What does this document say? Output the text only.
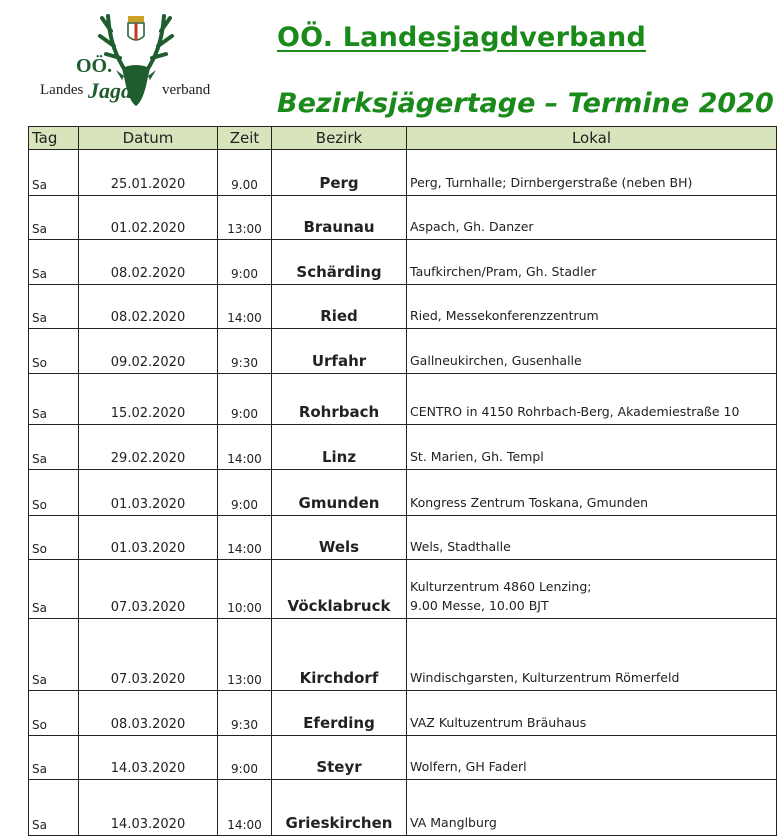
OÖ.
Landes Jagd verband
OÖ. Landesjagdverband
Bezirksjägertage – Termine 2020
Tag	Datum	Zeit	Bezirk	Lokal
Sa	25.01.2020	9.00	Perg	Perg, Turnhalle; Dirnbergerstraße (neben BH)
Sa	01.02.2020	13:00	Braunau	Aspach, Gh. Danzer
Sa	08.02.2020	9:00	Schärding	Taufkirchen/Pram, Gh. Stadler
Sa	08.02.2020	14:00	Ried	Ried, Messekonferenzzentrum
So	09.02.2020	9:30	Urfahr	Gallneukirchen, Gusenhalle
Sa	15.02.2020	9:00	Rohrbach	CENTRO in 4150 Rohrbach-Berg, Akademiestraße 10
Sa	29.02.2020	14:00	Linz	St. Marien, Gh. Templ
So	01.03.2020	9:00	Gmunden	Kongress Zentrum Toskana, Gmunden
So	01.03.2020	14:00	Wels	Wels, Stadthalle
Sa	07.03.2020	10:00	Vöcklabruck	Kulturzentrum 4860 Lenzing;
9.00 Messe, 10.00 BJT
Sa	07.03.2020	13:00	Kirchdorf	Windischgarsten, Kulturzentrum Römerfeld
So	08.03.2020	9:30	Eferding	VAZ Kultuzentrum Bräuhaus
Sa	14.03.2020	9:00	Steyr	Wolfern, GH Faderl
Sa	14.03.2020	14:00	Grieskirchen	VA Manglburg
